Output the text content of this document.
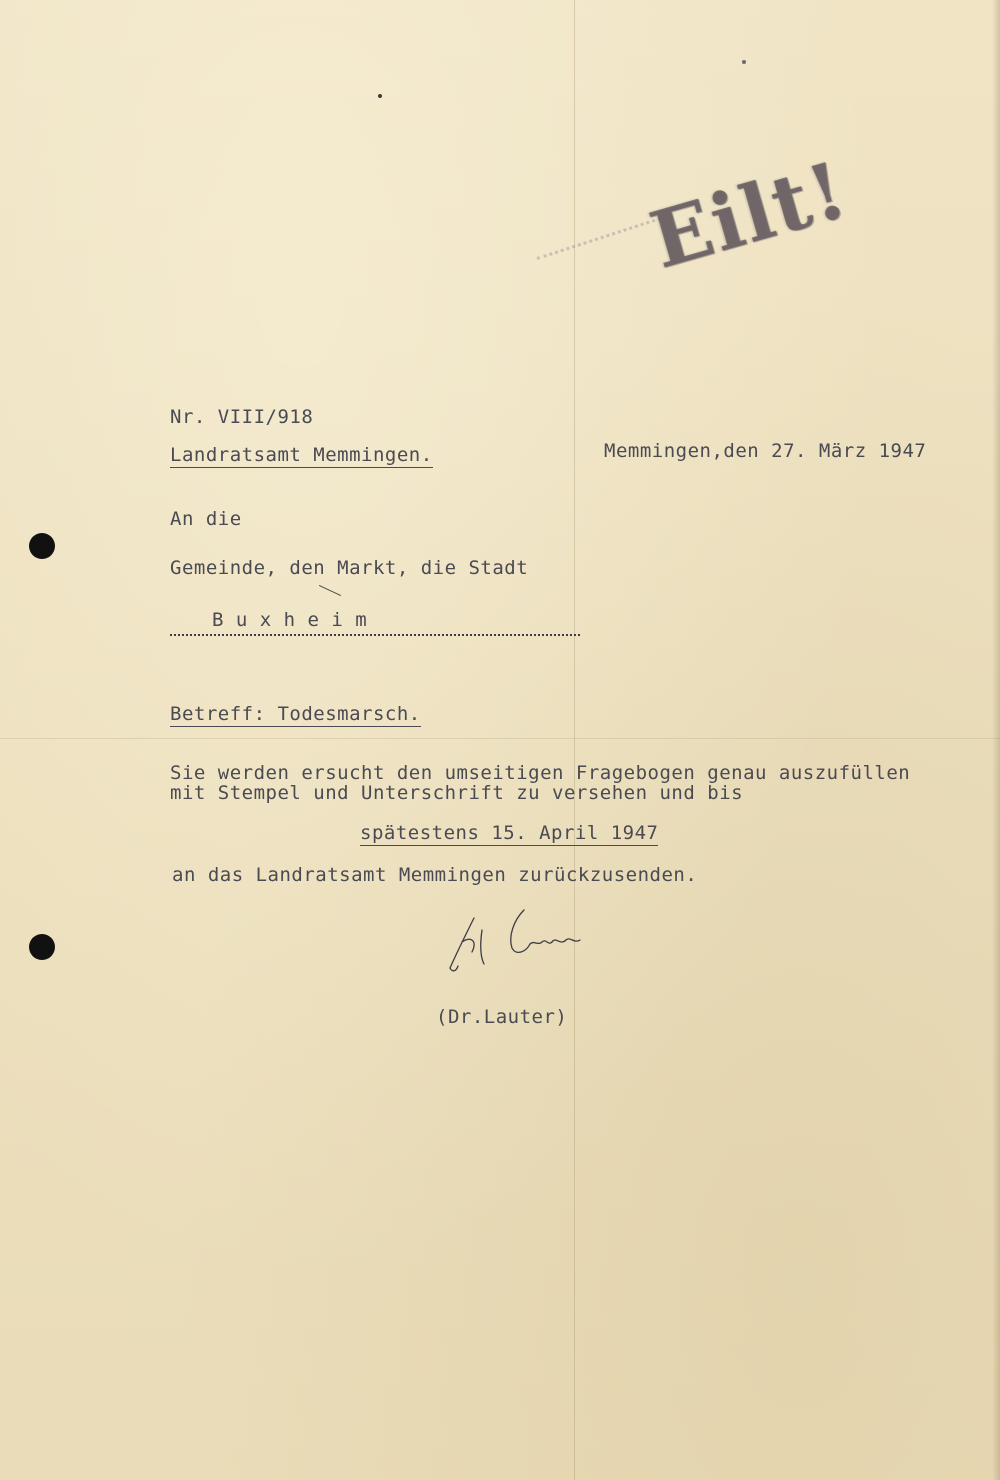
Eilt!
Nr. VIII/918
Landratsamt Memmingen.	Memmingen,den 27. März 1947
An die
Gemeinde, den Markt, die Stadt
B u x h e i m
Betreff: Todesmarsch.
Sie werden ersucht den umseitigen Fragebogen genau auszufüllen
mit Stempel und Unterschrift zu versehen und bis
spätestens 15. April 1947
an das Landratsamt Memmingen zurückzusenden.
(Dr.Lauter)
